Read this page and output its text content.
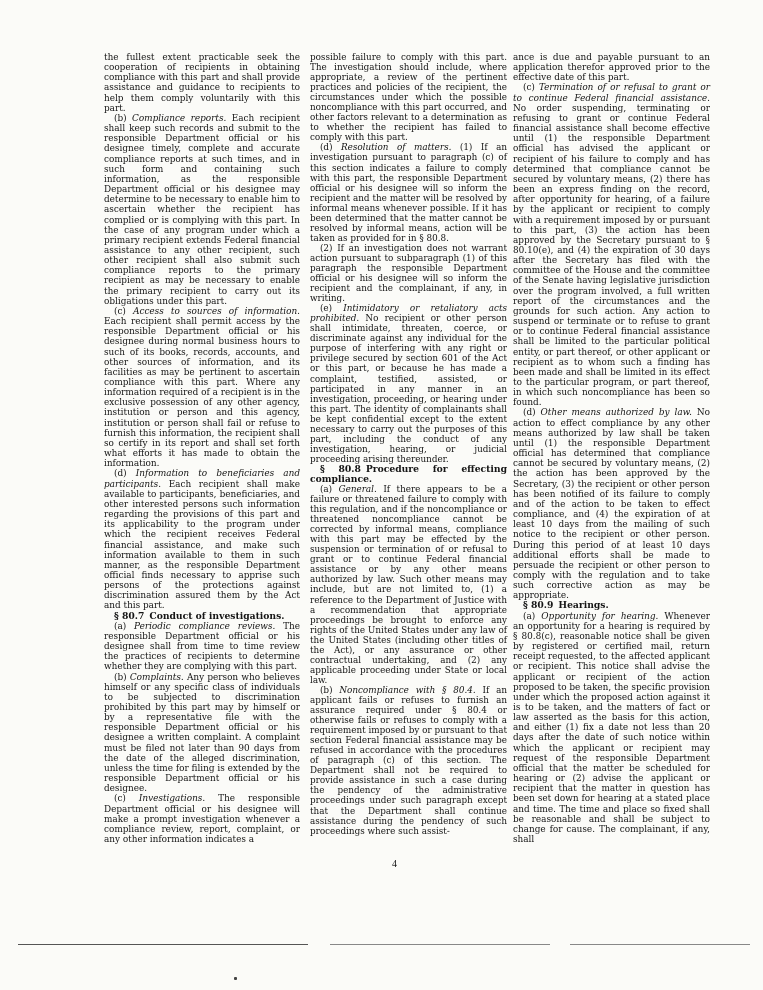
the fullest extent practicable seek the cooperation of recipients in obtaining compliance with this part and shall provide assistance and guidance to recipients to help them comply voluntarily with this part.

(b) Compliance reports. Each recipient shall keep such records and submit to the responsible Department official or his designee timely, complete and accurate compliance reports at such times, and in such form and containing such information, as the responsible Department official or his designee may determine to be necessary to enable him to ascertain whether the recipient has complied or is complying with this part. In the case of any program under which a primary recipient extends Federal financial assistance to any other recipient, such other recipient shall also submit such compliance reports to the primary recipient as may be necessary to enable the primary recipient to carry out its obligations under this part.

(c) Access to sources of information. Each recipient shall permit access by the responsible Department official or his designee during normal business hours to such of its books, records, accounts, and other sources of information, and its facilities as may be pertinent to ascertain compliance with this part. Where any information required of a recipient is in the exclusive possession of any other agency, institution or person and this agency, institution or person shall fail or refuse to furnish this information, the recipient shall so certify in its report and shall set forth what efforts it has made to obtain the information.

(d) Information to beneficiaries and participants. Each recipient shall make available to participants, beneficiaries, and other interested persons such information regarding the provisions of this part and its applicability to the program under which the recipient receives Federal financial assistance, and make such information available to them in such manner, as the responsible Department official finds necessary to apprise such persons of the protections against discrimination assured them by the Act and this part.

§ 80.7 Conduct of investigations.

(a) Periodic compliance reviews. The responsible Department official or his designee shall from time to time review the practices of recipients to determine whether they are complying with this part.

(b) Complaints. Any person who believes himself or any specific class of individuals to be subjected to discrimination prohibited by this part may by himself or by a representative file with the responsible Department official or his designee a written complaint. A complaint must be filed not later than 90 days from the date of the alleged discrimination, unless the time for filing is extended by the responsible Department official or his designee.

(c) Investigations. The responsible Department official or his designee will make a prompt investigation whenever a compliance review, report, complaint, or any other information indicates a

possible failure to comply with this part. The investigation should include, where appropriate, a review of the pertinent practices and policies of the recipient, the circumstances under which the possible noncompliance with this part occurred, and other factors relevant to a determination as to whether the recipient has failed to comply with this part.

(d) Resolution of matters. (1) If an investigation pursuant to paragraph (c) of this section indicates a failure to comply with this part, the responsible Department official or his designee will so inform the recipient and the matter will be resolved by informal means whenever possible. If it has been determined that the matter cannot be resolved by informal means, action will be taken as provided for in § 80.8.

(2) If an investigation does not warrant action pursuant to subparagraph (1) of this paragraph the responsible Department official or his designee will so inform the recipient and the complainant, if any, in writing.

(e) Intimidatory or retaliatory acts prohibited. No recipient or other person shall intimidate, threaten, coerce, or discriminate against any individual for the purpose of interfering with any right or privilege secured by section 601 of the Act or this part, or because he has made a complaint, testified, assisted, or participated in any manner in an investigation, proceeding, or hearing under this part. The identity of complainants shall be kept confidential except to the extent necessary to carry out the purposes of this part, including the conduct of any investigation, hearing, or judicial proceeding arising thereunder.

§ 80.8 Procedure for effecting compliance.

(a) General. If there appears to be a failure or threatened failure to comply with this regulation, and if the noncompliance or threatened noncompliance cannot be corrected by informal means, compliance with this part may be effected by the suspension or termination of or refusal to grant or to continue Federal financial assistance or by any other means authorized by law. Such other means may include, but are not limited to, (1) a reference to the Department of Justice with a recommendation that appropriate proceedings be brought to enforce any rights of the United States under any law of the United States (including other titles of the Act), or any assurance or other contractual undertaking, and (2) any applicable proceeding under State or local law.

(b) Noncompliance with § 80.4. If an applicant fails or refuses to furnish an assurance required under § 80.4 or otherwise fails or refuses to comply with a requirement imposed by or pursuant to that section Federal financial assistance may be refused in accordance with the procedures of paragraph (c) of this section. The Department shall not be required to provide assistance in such a case during the pendency of the administrative proceedings under such paragraph except that the Department shall continue assistance during the pendency of such proceedings where such assist-

ance is due and payable pursuant to an application therefor approved prior to the effective date of this part.

(c) Termination of or refusal to grant or to continue Federal financial assistance. No order suspending, terminating or refusing to grant or continue Federal financial assistance shall become effective until (1) the responsible Department official has advised the applicant or recipient of his failure to comply and has determined that compliance cannot be secured by voluntary means, (2) there has been an express finding on the record, after opportunity for hearing, of a failure by the applicant or recipient to comply with a requirement imposed by or pursuant to this part, (3) the action has been approved by the Secretary pursuant to § 80.10(e), and (4) the expiration of 30 days after the Secretary has filed with the committee of the House and the committee of the Senate having legislative jurisdiction over the program involved, a full written report of the circumstances and the grounds for such action. Any action to suspend or terminate or to refuse to grant or to continue Federal financial assistance shall be limited to the particular political entity, or part thereof, or other applicant or recipient as to whom such a finding has been made and shall be limited in its effect to the particular program, or part thereof, in which such noncompliance has been so found.

(d) Other means authorized by law. No action to effect compliance by any other means authorized by law shall be taken until (1) the responsible Department official has determined that compliance cannot be secured by voluntary means, (2) the action has been approved by the Secretary, (3) the recipient or other person has been notified of its failure to comply and of the action to be taken to effect compliance, and (4) the expiration of at least 10 days from the mailing of such notice to the recipient or other person. During this period of at least 10 days additional efforts shall be made to persuade the recipient or other person to comply with the regulation and to take such corrective action as may be appropriate.

§ 80.9 Hearings.

(a) Opportunity for hearing. Whenever an opportunity for a hearing is required by § 80.8(c), reasonable notice shall be given by registered or certified mail, return receipt requested, to the affected applicant or recipient. This notice shall advise the applicant or recipient of the action proposed to be taken, the specific provision under which the proposed action against it is to be taken, and the matters of fact or law asserted as the basis for this action, and either (1) fix a date not less than 20 days after the date of such notice within which the applicant or recipient may request of the responsible Department official that the matter be scheduled for hearing or (2) advise the applicant or recipient that the matter in question has been set down for hearing at a stated place and time. The time and place so fixed shall be reasonable and shall be subject to change for cause. The complainant, if any, shall

4
